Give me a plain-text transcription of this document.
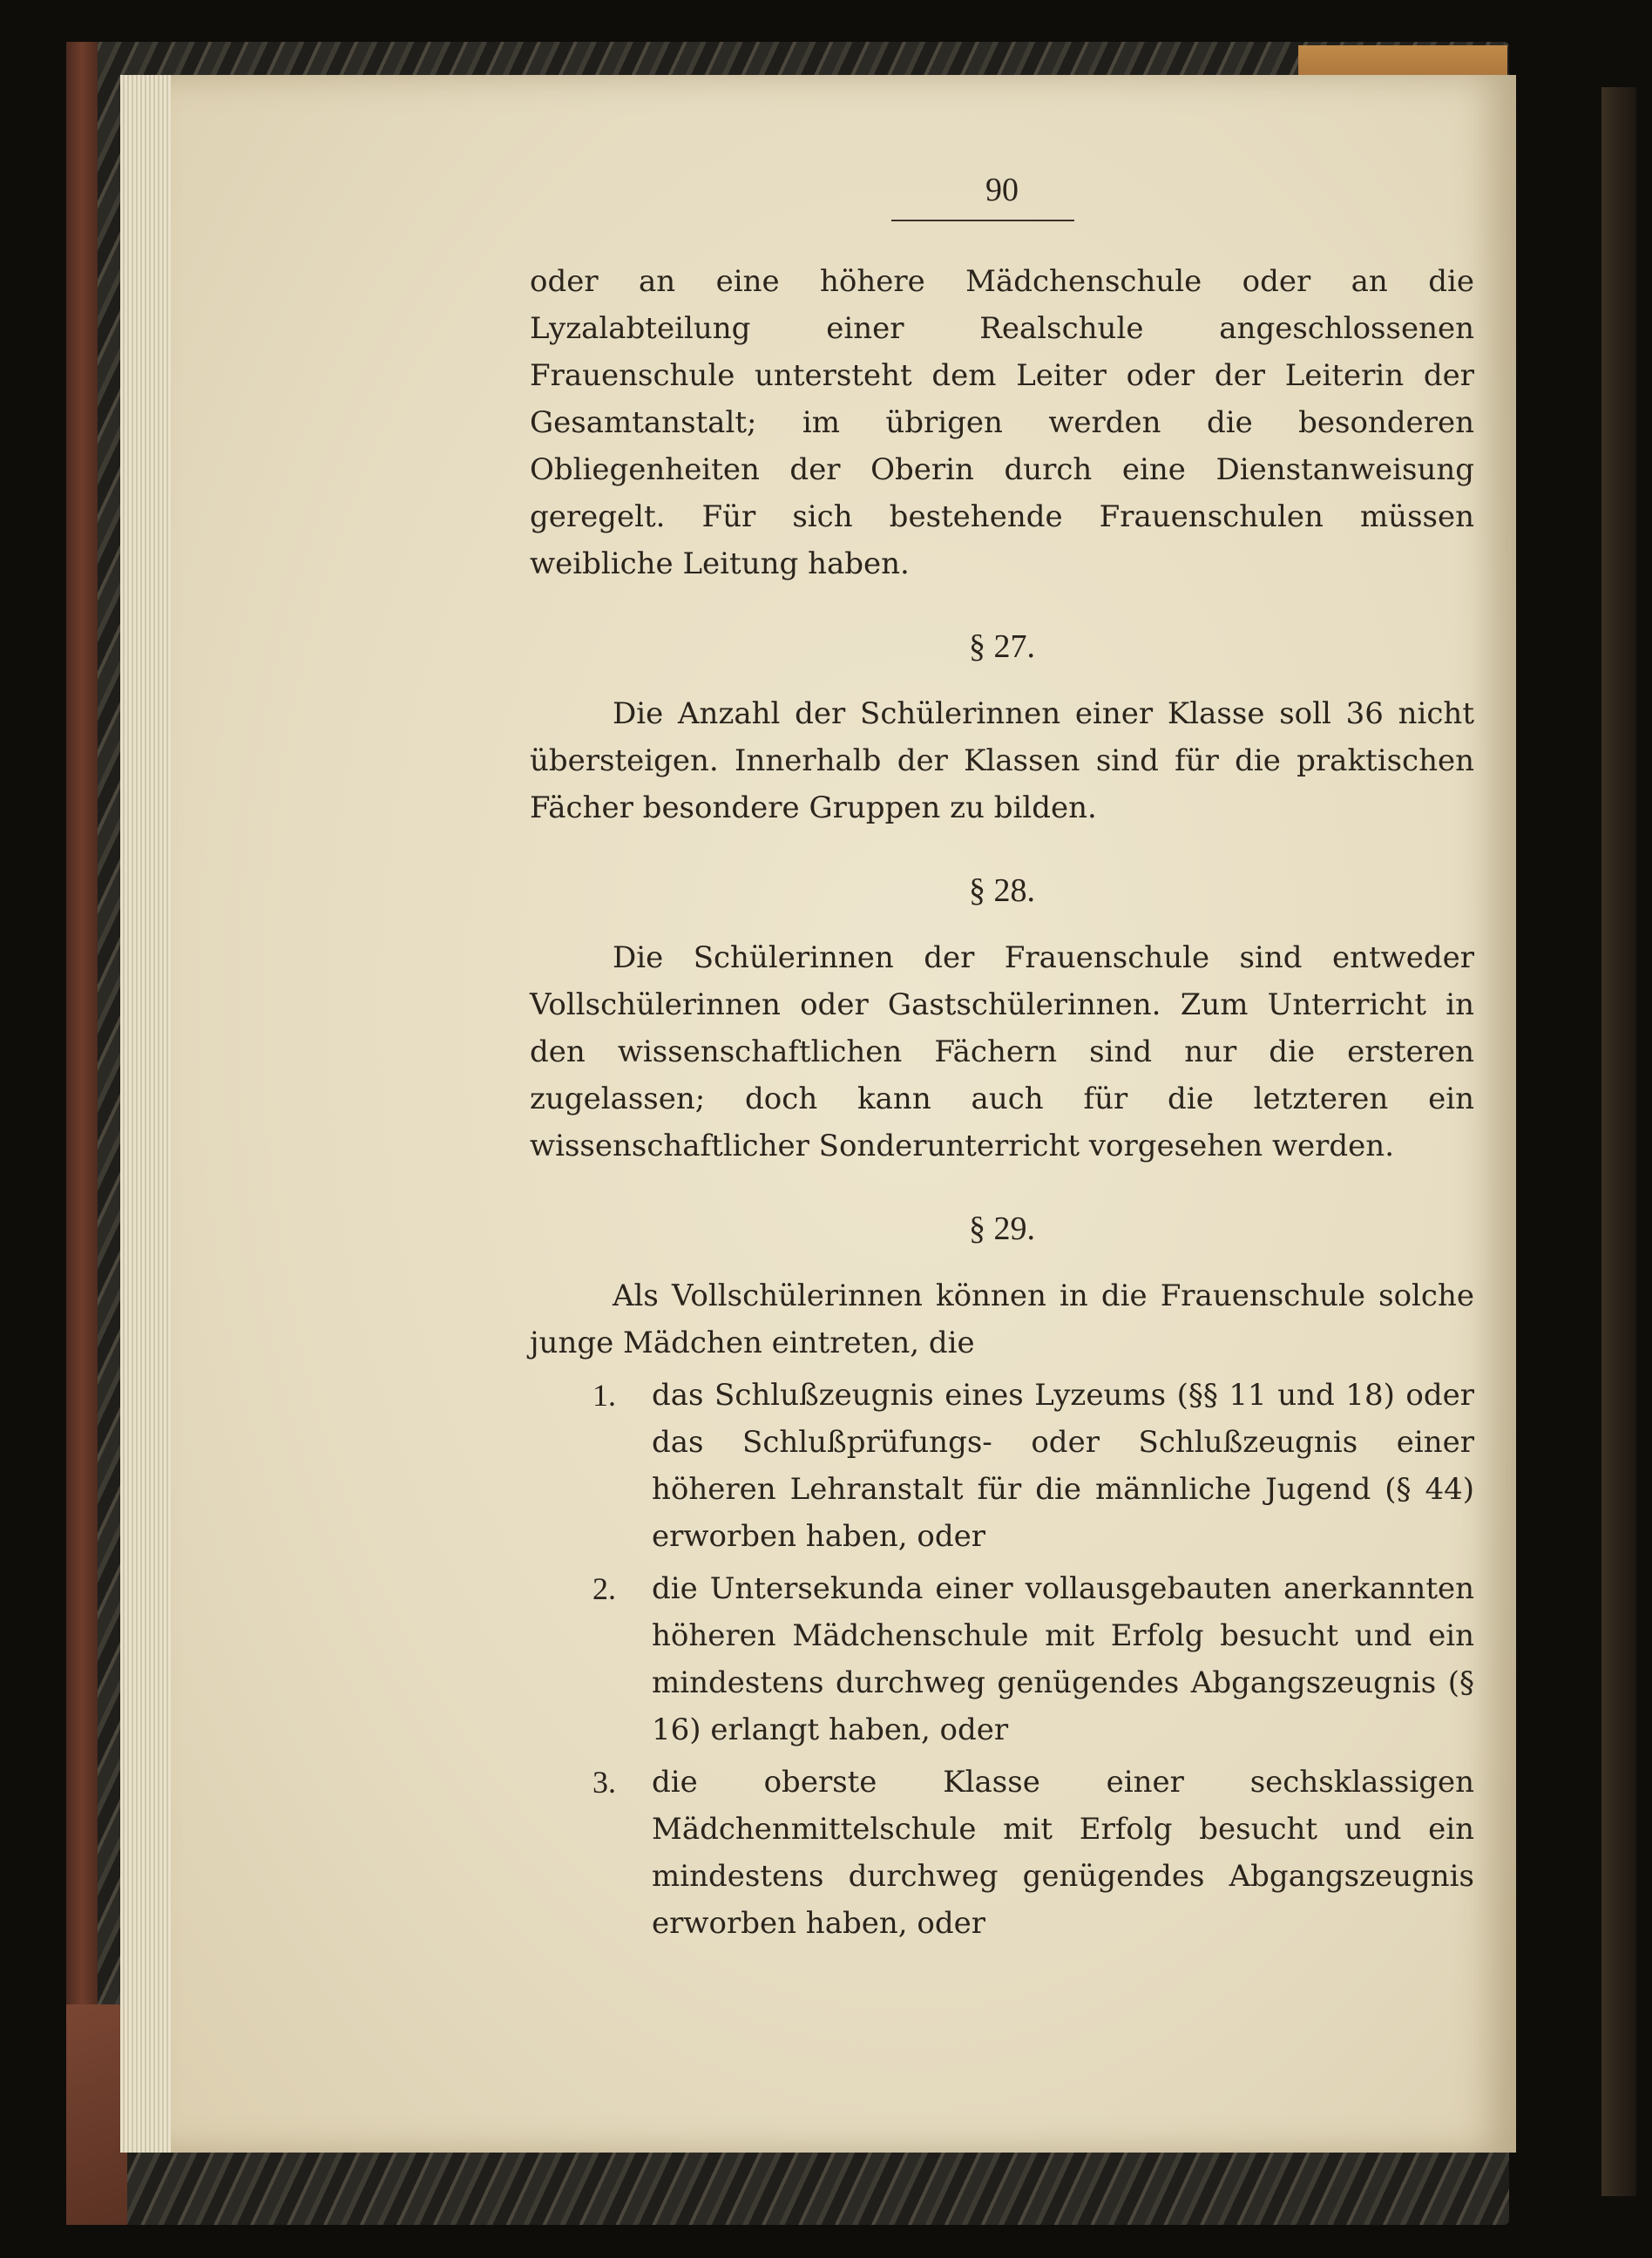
90

oder an eine höhere Mädchenschule oder an die Lyzalabteilung einer Realschule angeschlossenen Frauenschule untersteht dem Leiter oder der Leiterin der Gesamtanstalt; im übrigen werden die besonderen Obliegenheiten der Oberin durch eine Dienstanweisung geregelt. Für sich bestehende Frauenschulen müssen weibliche Leitung haben.

§ 27.

Die Anzahl der Schülerinnen einer Klasse soll 36 nicht übersteigen. Innerhalb der Klassen sind für die praktischen Fächer besondere Gruppen zu bilden.

§ 28.

Die Schülerinnen der Frauenschule sind entweder Vollschülerinnen oder Gastschülerinnen. Zum Unterricht in den wissenschaftlichen Fächern sind nur die ersteren zugelassen; doch kann auch für die letzteren ein wissenschaftlicher Sonderunterricht vorgesehen werden.

§ 29.

Als Vollschülerinnen können in die Frauenschule solche junge Mädchen eintreten, die

1. das Schlußzeugnis eines Lyzeums (§§ 11 und 18) oder das Schlußprüfungs- oder Schlußzeugnis einer höheren Lehranstalt für die männliche Jugend (§ 44) erworben haben, oder
2. die Untersekunda einer vollausgebauten anerkannten höheren Mädchenschule mit Erfolg besucht und ein mindestens durchweg genügendes Abgangszeugnis (§ 16) erlangt haben, oder
3. die oberste Klasse einer sechsklassigen Mädchenmittelschule mit Erfolg besucht und ein mindestens durchweg genügendes Abgangszeugnis erworben haben, oder
